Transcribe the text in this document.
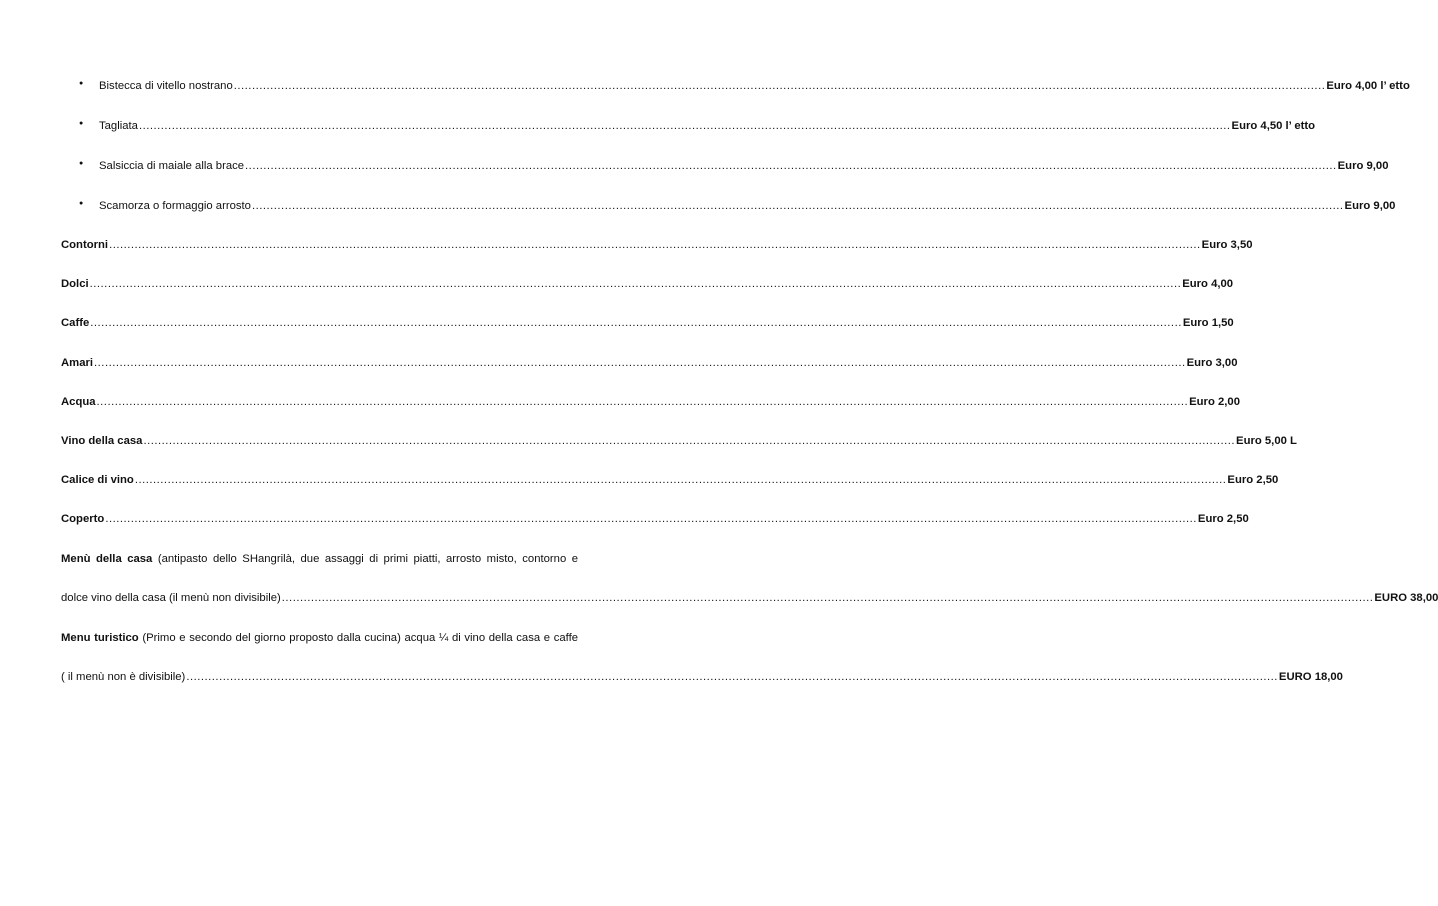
● Bistecca di vitello nostrano ............................................................................................................................................................................................................................................................................................................ Euro 4,00 l’ etto
● Tagliata ............................................................................................................................................................................................................................................................................................................ Euro 4,50 l’ etto
● Salsiccia di maiale alla brace ............................................................................................................................................................................................................................................................................................................ Euro 9,00
● Scamorza o formaggio arrosto ............................................................................................................................................................................................................................................................................................................ Euro 9,00
Contorni ............................................................................................................................................................................................................................................................................................................ Euro 3,50
Dolci ............................................................................................................................................................................................................................................................................................................ Euro 4,00
Caffe ............................................................................................................................................................................................................................................................................................................ Euro 1,50
Amari ............................................................................................................................................................................................................................................................................................................ Euro 3,00
Acqua ............................................................................................................................................................................................................................................................................................................ Euro 2,00
Vino della casa ............................................................................................................................................................................................................................................................................................................ Euro 5,00 L
Calice di vino ............................................................................................................................................................................................................................................................................................................ Euro 2,50
Coperto ............................................................................................................................................................................................................................................................................................................ Euro 2,50
Menù della casa (antipasto dello SHangrilà, due assaggi di primi piatti, arrosto misto, contorno e
dolce vino della casa (il menù non divisibile) ............................................................................................................................................................................................................................................................................................................ EURO 38,00
Menu turistico (Primo e secondo del giorno proposto dalla cucina) acqua ¼ di vino della casa e caffe
( il menù non è divisibile) ............................................................................................................................................................................................................................................................................................................ EURO 18,00
